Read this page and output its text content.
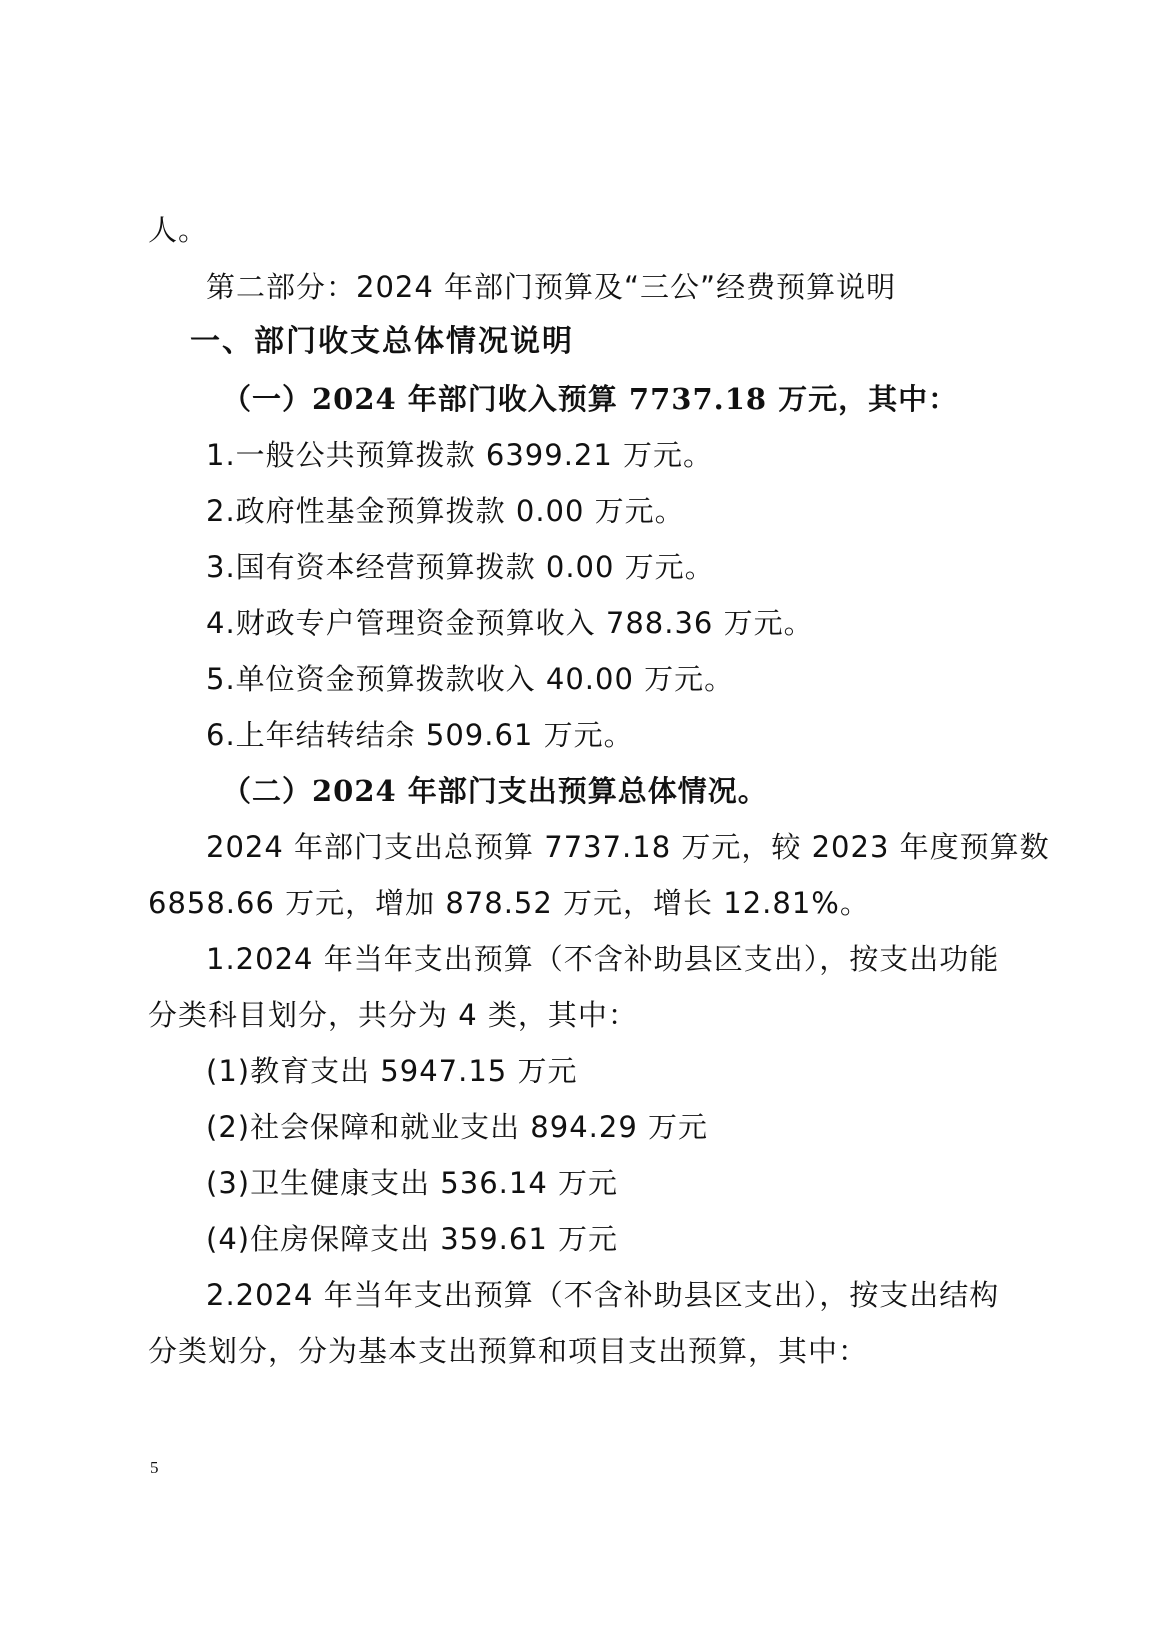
人。
第二部分：2024 年部门预算及“三公”经费预算说明
一、部门收支总体情况说明
（一）2024 年部门收入预算 7737.18 万元，其中：
1.一般公共预算拨款 6399.21 万元。
2.政府性基金预算拨款 0.00 万元。
3.国有资本经营预算拨款 0.00 万元。
4.财政专户管理资金预算收入 788.36 万元。
5.单位资金预算拨款收入 40.00 万元。
6.上年结转结余 509.61 万元。
（二）2024 年部门支出预算总体情况。
2024 年部门支出总预算 7737.18 万元，较 2023 年度预算数
6858.66 万元，增加 878.52 万元，增长 12.81%。
1.2024 年当年支出预算（不含补助县区支出），按支出功能
分类科目划分，共分为 4 类，其中：
(1)教育支出 5947.15 万元
(2)社会保障和就业支出 894.29 万元
(3)卫生健康支出 536.14 万元
(4)住房保障支出 359.61 万元
2.2024 年当年支出预算（不含补助县区支出），按支出结构
分类划分，分为基本支出预算和项目支出预算，其中：
5
